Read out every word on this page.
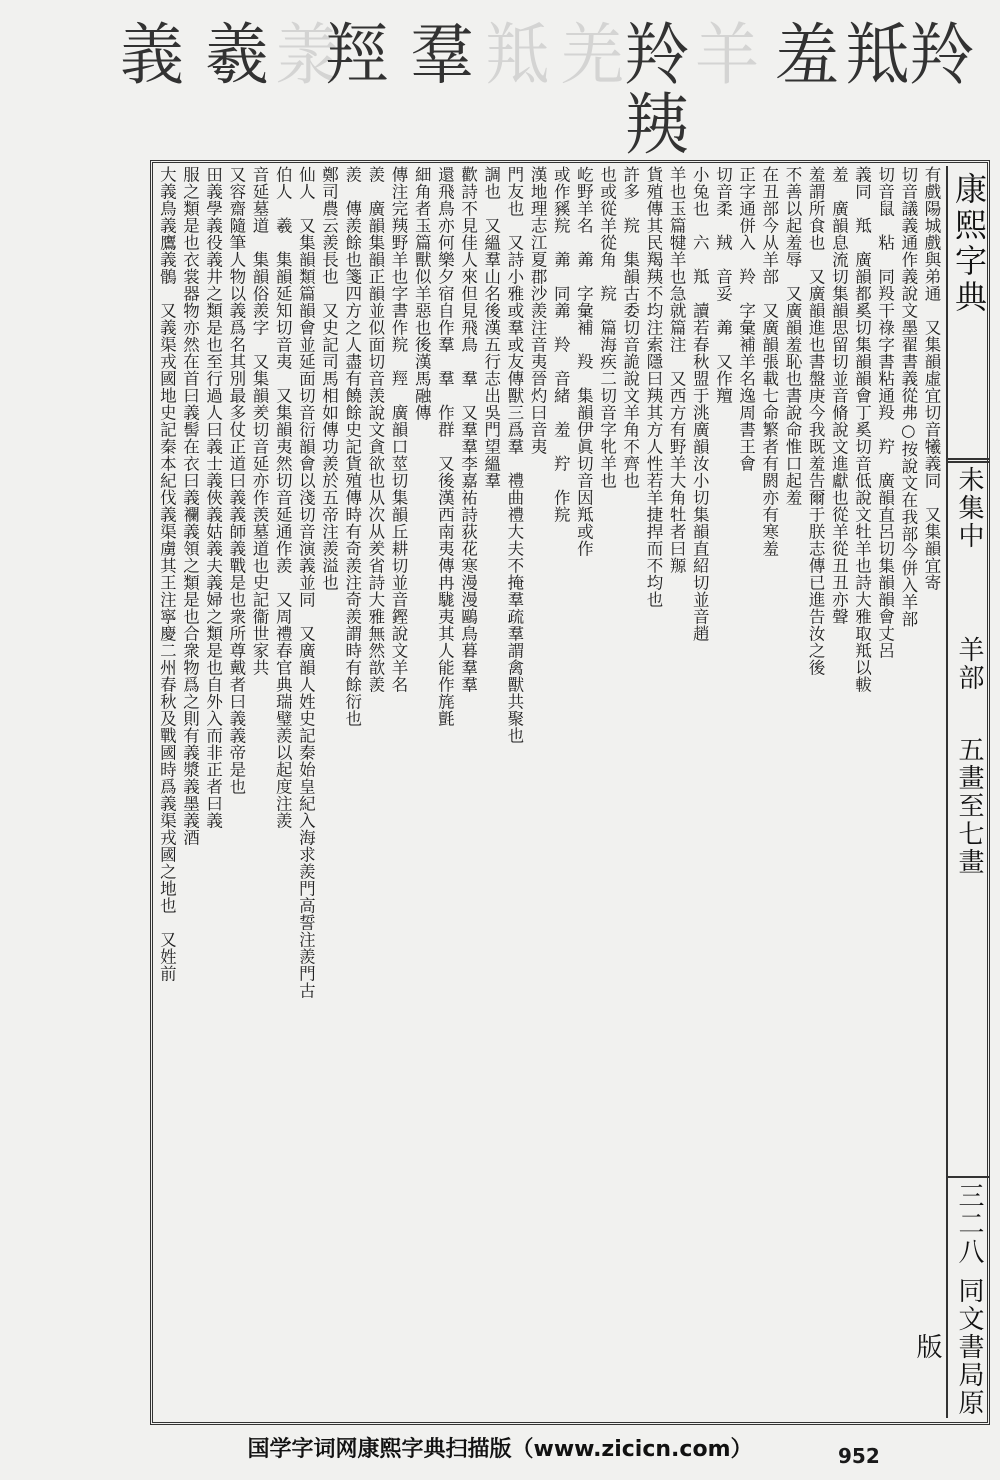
義 羲 羕
羥 羣 羝 羌 羚
羠
羊 羞 羝 羚
有戲陽城戲與弟通　又集韻虛宜切音犧義同　又集韻宜寄
切音議義通作義說文墨翟書義從弗○按說文在我部今併入羊部
切音鼠　粘　同羖干祿字書粘通羖　羜　廣韻直呂切集韻韻會丈呂
義同　羝　廣韻都奚切集韻韻會丁奚切音低說文牡羊也詩大雅取羝以軷
羞　廣韻息流切集韻思留切並音脩說文進獻也從羊從丑丑亦聲
羞謂所食也　又廣韻進也書盤庚今我既羞告爾于朕志傳已進告汝之後
不善以起羞辱　又廣韻羞恥也書說命惟口起羞
在丑部今从羊部　又廣韻張載七命繁者有閼亦有寒羞
正字通併入　羚　字彙補羊名逸周書王會
切音柔　羢　音妥　羛　又作羶
小兔也　六　羝　讀若春秋盟于洮廣韻汝小切集韻直紹切並音趙
羊也玉篇犍羊也急就篇注　又西方有野羊大角牡者曰羱
貨殖傳其民羯羠不均注索隱曰羠其方人性若羊捷捍而不均也
許多　羦　集韻古委切音詭說文羊角不齊也
也或從羊從角　羦　篇海疾二切音字牝羊也
屹野羊名　羛　字彙補　羖　集韻伊眞切音因羝或作
或作豯羦　羛　同羛　羚　音緒　羞　羜　作羦
漢地理志江夏郡沙羨注音夷晉灼曰音夷
門友也　又詩小雅或羣或友傳獸三爲羣　禮曲禮大夫不掩羣疏羣謂禽獸共聚也
調也　又縕羣山名後漢五行志出吳門望縕羣
歡詩不見佳人來但見飛鳥　羣　又羣羣李嘉祐詩荻花寒漫漫鷗鳥暮羣羣
還飛鳥亦何樂夕宿自作羣　羣　作群　又後漢西南夷傳冉駹夷其人能作旄氈
細角者玉篇獸似羊惡也後漢馬融傳
傳注完羠野羊也字書作羦　羥　廣韻口莖切集韻丘耕切並音鏗說文羊名
羨　廣韻集韻正韻並似面切音羡說文貪欲也从次从羑省詩大雅無然歆羨
羨　傳羨餘也箋四方之人盡有饒餘史記貨殖傳時有奇羨注奇羨謂時有餘衍也
鄭司農云羨長也　又史記司馬相如傳功羨於五帝注羨溢也
仙人　又集韻類篇韻會並延面切音衍韻會以淺切音演義並同　又廣韻人姓史記秦始皇紀入海求羨門高誓注羨門古
伯人　羲　集韻延知切音夷　又集韻夷然切音延通作羨　又周禮春官典瑞璧羨以起度注羨
音延墓道　集韻俗羨字　又集韻羑切音延亦作羡墓道也史記衞世家共
又容齋隨筆人物以義爲名其別最多仗正道曰義義師義戰是也衆所尊戴者曰義義帝是也
田義學義役義井之類是也至行過人曰義士義俠義姑義夫義婦之類是也自外入而非正者曰義
服之類是也衣裳器物亦然在首曰義髻在衣曰義襴義領之類是也合衆物爲之則有義漿義墨義酒
大義鳥義鷹義鶻　又義渠戎國地史記秦本紀伐義渠虜其王注寧慶二州春秋及戰國時爲義渠戎國之地也　又姓前	康熙字典
未集中
羊部
五畫至七畫
三二八
同文書局原版
国学字词网康熙字典扫描版（www.zicicn.com）	952
